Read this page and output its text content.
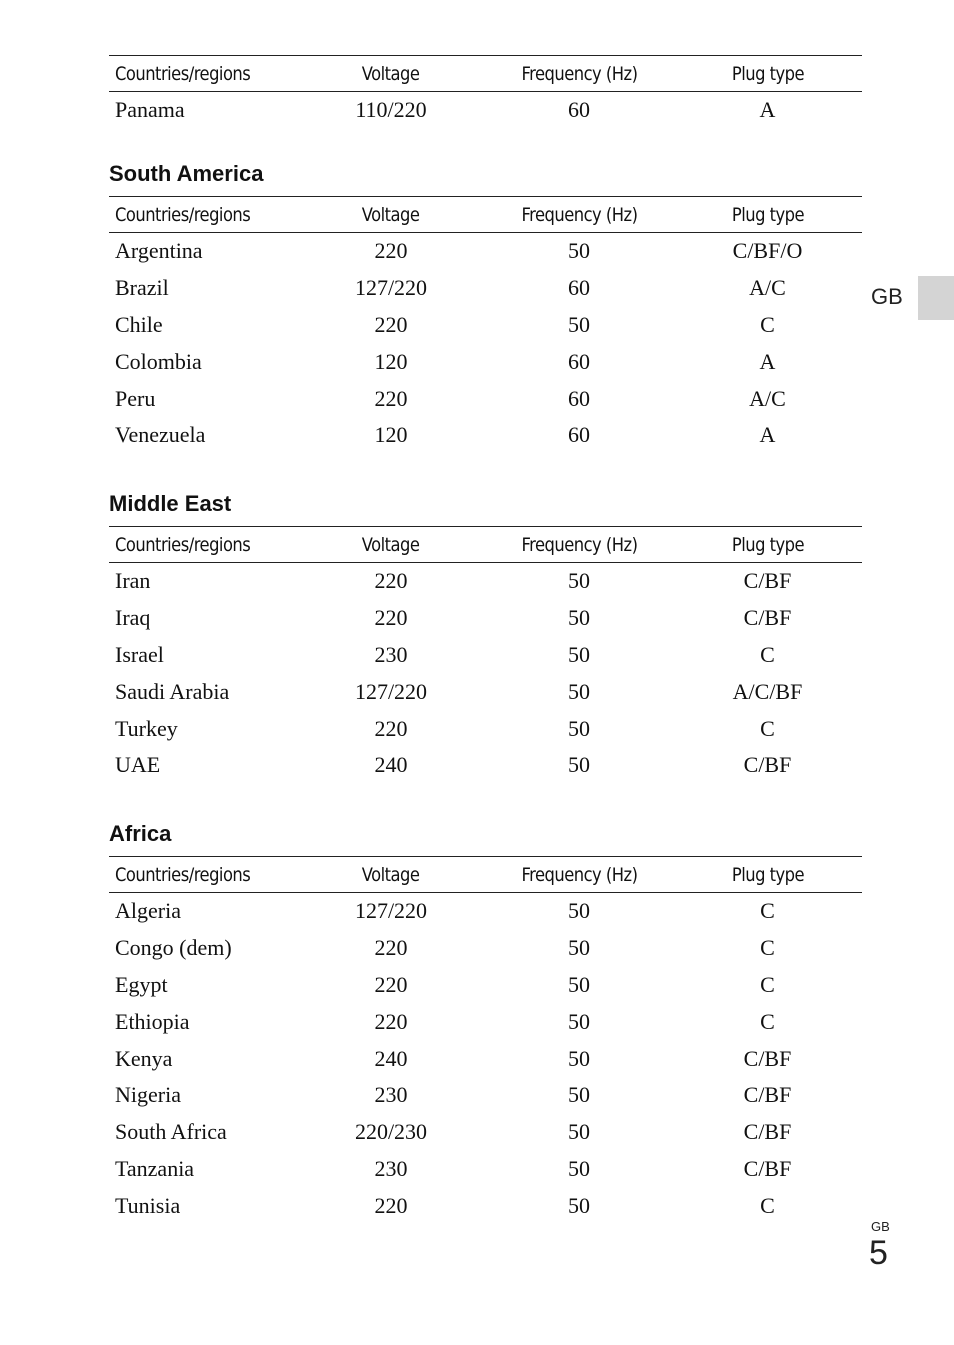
Countries/regions	Voltage	Frequency (Hz)	Plug type
Panama	110/220	60	A
South America
Countries/regions	Voltage	Frequency (Hz)	Plug type
Argentina	220	50	C/BF/O
Brazil	127/220	60	A/C
Chile	220	50	C
Colombia	120	60	A
Peru	220	60	A/C
Venezuela	120	60	A
Middle East
Countries/regions	Voltage	Frequency (Hz)	Plug type
Iran	220	50	C/BF
Iraq	220	50	C/BF
Israel	230	50	C
Saudi Arabia	127/220	50	A/C/BF
Turkey	220	50	C
UAE	240	50	C/BF
Africa
Countries/regions	Voltage	Frequency (Hz)	Plug type
Algeria	127/220	50	C
Congo (dem)	220	50	C
Egypt	220	50	C
Ethiopia	220	50	C
Kenya	240	50	C/BF
Nigeria	230	50	C/BF
South Africa	220/230	50	C/BF
Tanzania	230	50	C/BF
Tunisia	220	50	C
GB
GB
5
